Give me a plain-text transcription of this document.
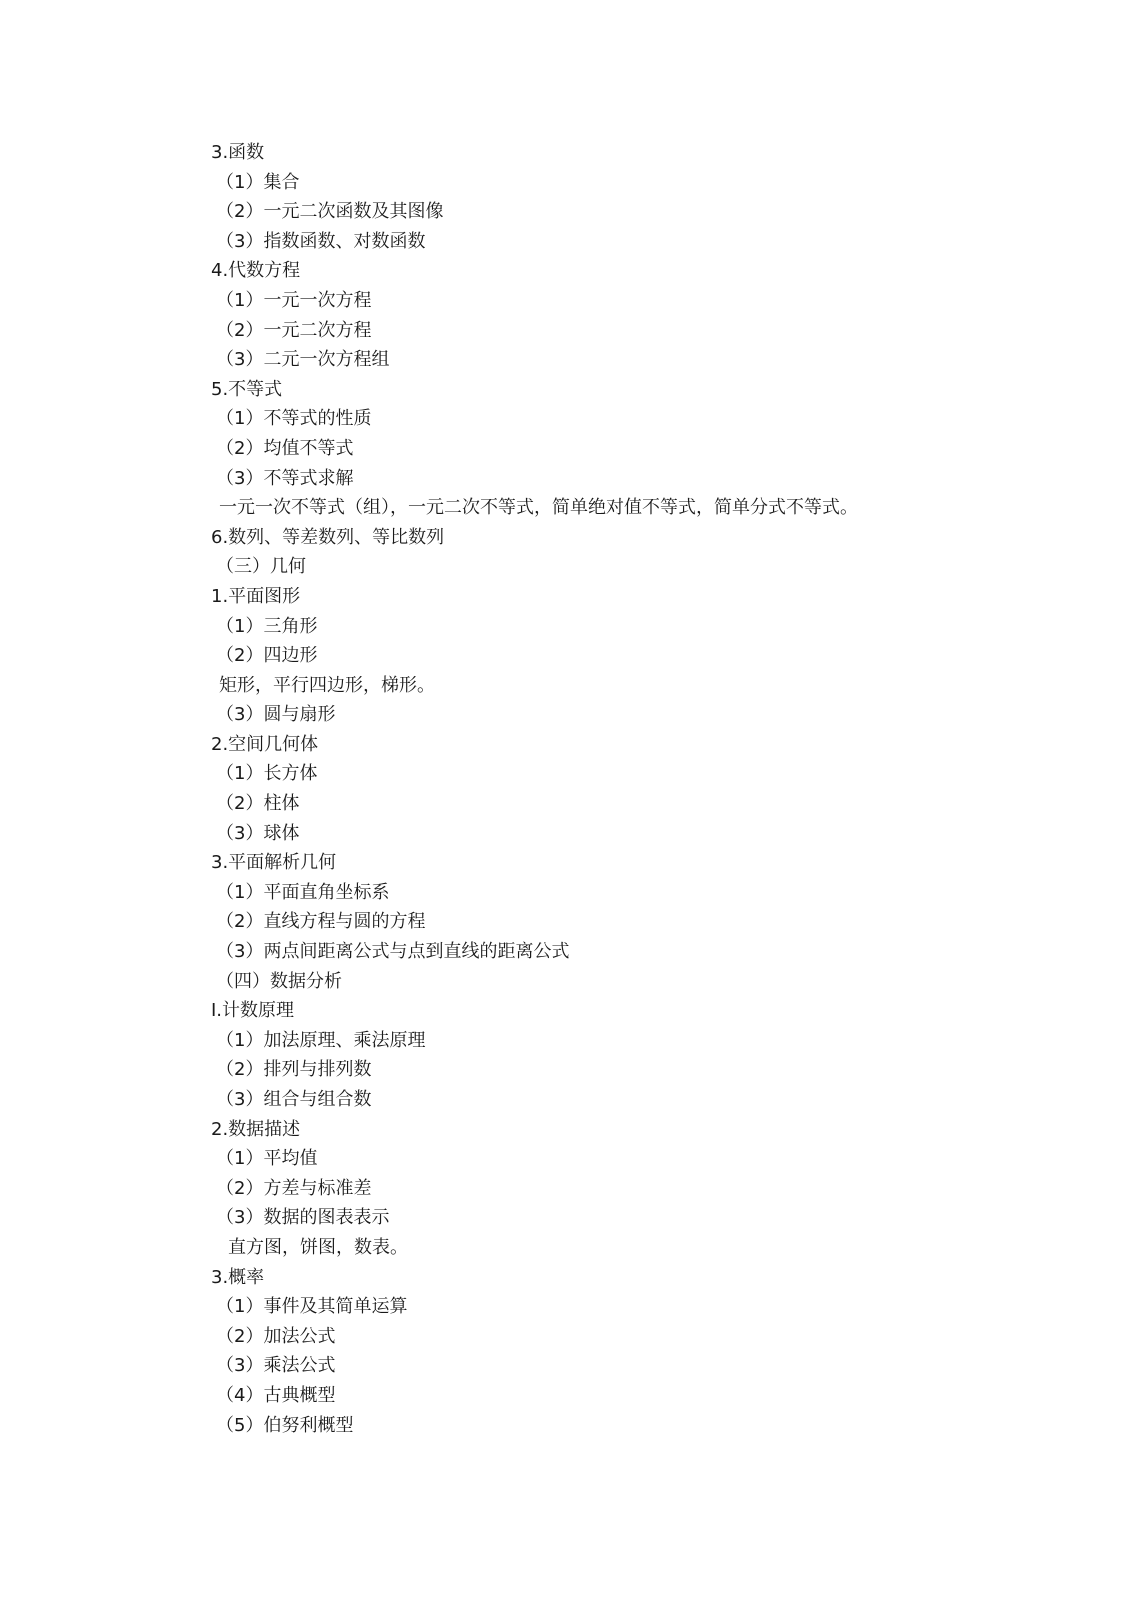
3.函数
（1）集合
（2）一元二次函数及其图像
（3）指数函数、对数函数
4.代数方程
（1）一元一次方程
（2）一元二次方程
（3）二元一次方程组
5.不等式
（1）不等式的性质
（2）均值不等式
（3）不等式求解
一元一次不等式（组），一元二次不等式，简单绝对值不等式，简单分式不等式。
6.数列、等差数列、等比数列
（三）几何
1.平面图形
（1）三角形
（2）四边形
矩形，平行四边形，梯形。
（3）圆与扇形
2.空间几何体
（1）长方体
（2）柱体
（3）球体
3.平面解析几何
（1）平面直角坐标系
（2）直线方程与圆的方程
（3）两点间距离公式与点到直线的距离公式
（四）数据分析
I.计数原理
（1）加法原理、乘法原理
（2）排列与排列数
（3）组合与组合数
2.数据描述
（1）平均值
（2）方差与标准差
（3）数据的图表表示
直方图，饼图，数表。
3.概率
（1）事件及其简单运算
（2）加法公式
（3）乘法公式
（4）古典概型
（5）伯努利概型
